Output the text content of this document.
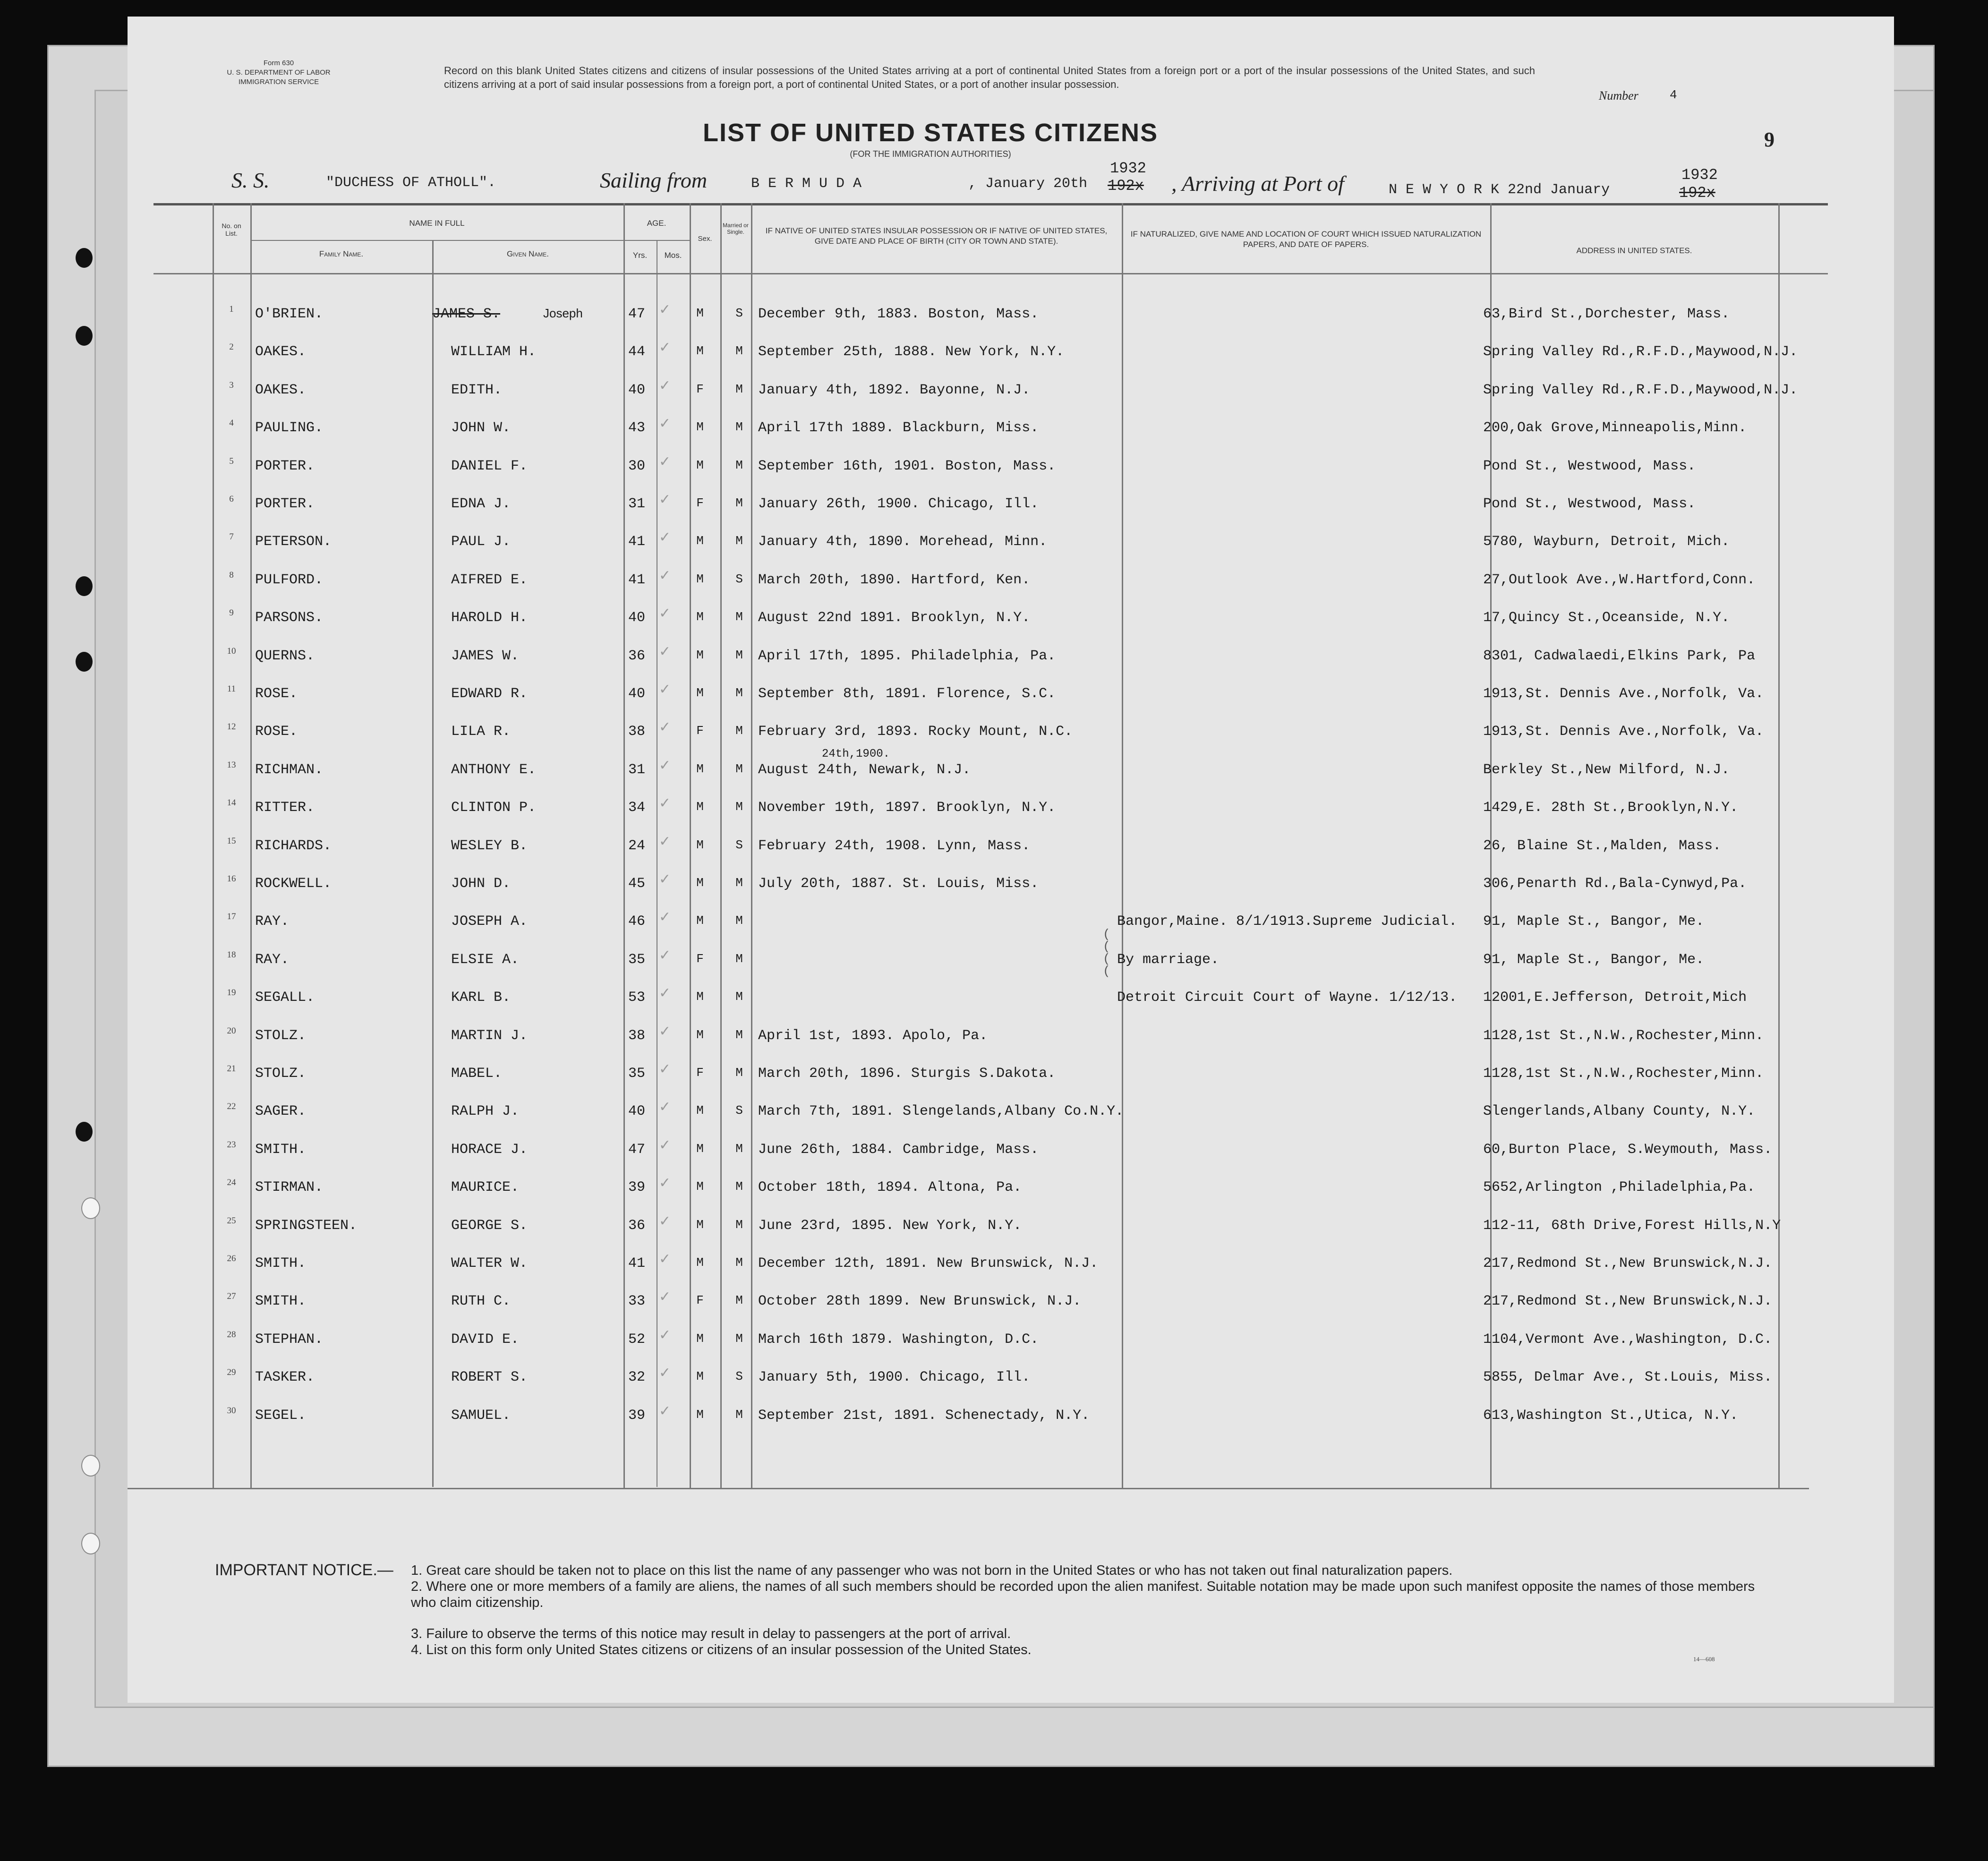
Form 630
U. S. DEPARTMENT OF LABOR
IMMIGRATION SERVICE
Record on this blank United States citizens and citizens of insular possessions of the United States arriving at a port of continental United States from a foreign port or a port of the insular possessions of the United States, and such citizens arriving at a port of said insular possessions from a foreign port, a port of continental United States, or a port of another insular possession.
Number	4
LIST OF UNITED STATES CITIZENS
(FOR THE IMMIGRATION AUTHORITIES)
9
S. S.	"DUCHESS OF ATHOLL".	Sailing from	B E R M U D A	, January 20th
1932
192x , Arriving at Port of	N E W Y O R K 22nd January
1932
192x
No. on List.
NAME IN FULL
Family Name.	Given Name.
AGE.
Yrs.	Mos.
Sex.
Married or Single.	IF NATIVE OF UNITED STATES INSULAR POSSESSION OR IF NATIVE OF UNITED STATES, GIVE DATE AND PLACE OF BIRTH (CITY OR TOWN AND STATE).
IF NATURALIZED, GIVE NAME AND LOCATION OF COURT WHICH ISSUED NATURALIZATION PAPERS, AND DATE OF PAPERS.
ADDRESS IN UNITED STATES.
1	O'BRIEN.	Joseph	47	M	S	December 9th, 1883. Boston, Mass.	63,Bird St.,Dorchester, Mass.
JAMES S.	✓
2	OAKES.	WILLIAM H.	44	M	M	September 25th, 1888. New York, N.Y.	Spring Valley Rd.,R.F.D.,Maywood,N.J.
✓
3	OAKES.	EDITH.	40	F	M	January 4th, 1892. Bayonne, N.J.	Spring Valley Rd.,R.F.D.,Maywood,N.J.
✓
4	PAULING.	JOHN W.	43	M	M	April 17th 1889. Blackburn, Miss.	200,Oak Grove,Minneapolis,Minn.
✓
5	PORTER.	DANIEL F.	30	M	M	September 16th, 1901. Boston, Mass.	Pond St., Westwood, Mass.
✓
6	PORTER.	EDNA J.	31	F	M	January 26th, 1900. Chicago, Ill.	Pond St., Westwood, Mass.
✓
7	PETERSON.	PAUL J.	41	M	M	January 4th, 1890. Morehead, Minn.	5780, Wayburn, Detroit, Mich.
✓
8	PULFORD.	AIFRED E.	41	M	S	March 20th, 1890. Hartford, Ken.	27,Outlook Ave.,W.Hartford,Conn.
✓
9	PARSONS.	HAROLD H.	40	M	M	August 22nd 1891. Brooklyn, N.Y.	17,Quincy St.,Oceanside, N.Y.
✓
10	QUERNS.	JAMES W.	36	M	M	April 17th, 1895. Philadelphia, Pa.	8301, Cadwalaedi,Elkins Park, Pa
✓
11	ROSE.	EDWARD R.	40	M	M	September 8th, 1891. Florence, S.C.	1913,St. Dennis Ave.,Norfolk, Va.
✓
12	ROSE.	LILA R.	38	F	M	February 3rd, 1893. Rocky Mount, N.C.	1913,St. Dennis Ave.,Norfolk, Va.
✓
13	RICHMAN.	ANTHONY E.	31	M	M	August 24th, Newark, N.J.	Berkley St.,New Milford, N.J.
24th,1900.
✓
14	RITTER.	CLINTON P.	34	M	M	November 19th, 1897. Brooklyn, N.Y.	1429,E. 28th St.,Brooklyn,N.Y.
✓
15	RICHARDS.	WESLEY B.	24	M	S	February 24th, 1908. Lynn, Mass.	26, Blaine St.,Malden, Mass.
✓
16	ROCKWELL.	JOHN D.	45	M	M	July 20th, 1887. St. Louis, Miss.	306,Penarth Rd.,Bala-Cynwyd,Pa.
✓
17	RAY.	JOSEPH A.	46	M	M	Bangor,Maine. 8/1/1913.Supreme Judicial. 91, Maple St., Bangor, Me.
✓
18	RAY.	ELSIE A.	35	F	M	By marriage.	91, Maple St., Bangor, Me.
✓
19	SEGALL.	KARL B.	53	M	M	Detroit Circuit Court of Wayne. 1/12/13. 12001,E.Jefferson, Detroit,Mich
✓
20	STOLZ.	MARTIN J.	38	M	M	April 1st, 1893. Apolo, Pa.	1128,1st St.,N.W.,Rochester,Minn.
✓
21	STOLZ.	MABEL.	35	F	M	March 20th, 1896. Sturgis S.Dakota.	1128,1st St.,N.W.,Rochester,Minn.
✓
22	SAGER.	RALPH J.	40	M	S	March 7th, 1891. Slengelands,Albany Co.N.Y.	Slengerlands,Albany County, N.Y.
✓
23	SMITH.	HORACE J.	47	M	M	June 26th, 1884. Cambridge, Mass.	60,Burton Place, S.Weymouth, Mass.
✓
24	STIRMAN.	MAURICE.	39	M	M	October 18th, 1894. Altona, Pa.	5652,Arlington ,Philadelphia,Pa.
✓
25	SPRINGSTEEN.	GEORGE S.	36	M	M	June 23rd, 1895. New York, N.Y.	112-11, 68th Drive,Forest Hills,N.Y
✓
26	SMITH.	WALTER W.	41	M	M	December 12th, 1891. New Brunswick, N.J.	217,Redmond St.,New Brunswick,N.J.
✓
27	SMITH.	RUTH C.	33	F	M	October 28th 1899. New Brunswick, N.J.	217,Redmond St.,New Brunswick,N.J.
✓
28	STEPHAN.	DAVID E.	52	M	M	March 16th 1879. Washington, D.C.	1104,Vermont Ave.,Washington, D.C.
✓
29	TASKER.	ROBERT S.	32	M	S	January 5th, 1900. Chicago, Ill.	5855, Delmar Ave., St.Louis, Miss.
✓
30	SEGEL.	SAMUEL.	39	M	M	September 21st, 1891. Schenectady, N.Y.	613,Washington St.,Utica, N.Y.
✓
(
(
(
(
IMPORTANT NOTICE.— 1. Great care should be taken not to place on this list the name of any passenger who was not born in the United States or who has not taken out final naturalization papers.
2. Where one or more members of a family are aliens, the names of all such members should be recorded upon the alien manifest. Suitable notation may be made upon such manifest opposite the names of those members who claim citizenship.
3. Failure to observe the terms of this notice may result in delay to passengers at the port of arrival.
4. List on this form only United States citizens or citizens of an insular possession of the United States.
14—608
